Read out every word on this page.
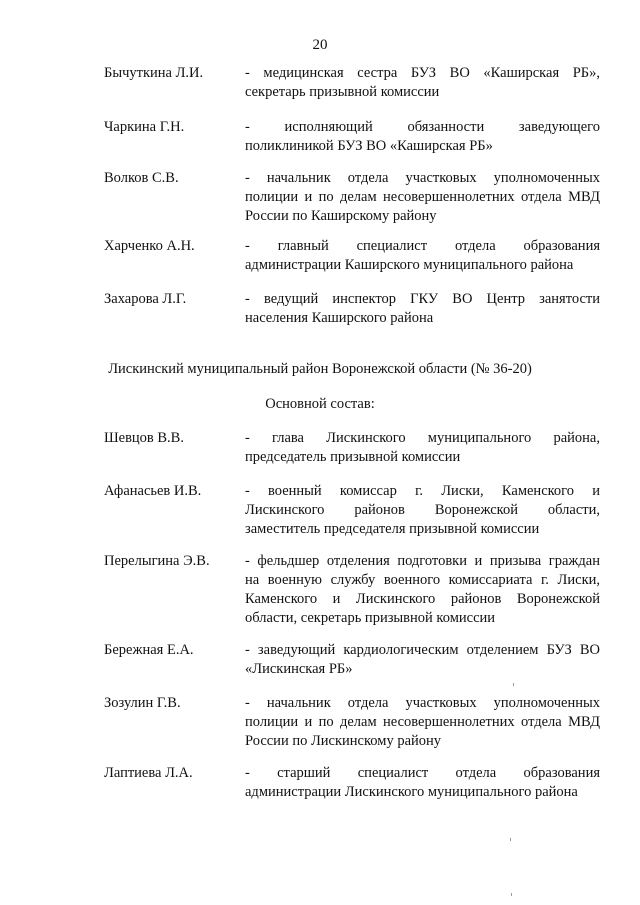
20
Бычуткина Л.И.	- медицинская сестра БУЗ ВО «Каширская РБ»,
секретарь призывной комиссии
Чаркина Г.Н.	- исполняющий обязанности заведующего
поликлиникой БУЗ ВО «Каширская РБ»
Волков С.В.	- начальник отдела участковых уполномоченных
полиции и по делам несовершеннолетних отдела МВД
России по Каширскому району
Харченко А.Н.	- главный специалист отдела образования
администрации Каширского муниципального района
Захарова Л.Г.	- ведущий инспектор ГКУ ВО Центр занятости
населения Каширского района
Лискинский муниципальный район Воронежской области (№ 36-20)
Основной состав:
Шевцов В.В.	- глава Лискинского муниципального района,
председатель призывной комиссии
Афанасьев И.В.	- военный комиссар г. Лиски, Каменского и
Лискинского районов Воронежской области,
заместитель председателя призывной комиссии
Перелыгина Э.В.	- фельдшер отделения подготовки и призыва граждан
на военную службу военного комиссариата г. Лиски,
Каменского и Лискинского районов Воронежской
области, секретарь призывной комиссии
Бережная Е.А.	- заведующий кардиологическим отделением БУЗ ВО
«Лискинская РБ»
Зозулин Г.В.	- начальник отдела участковых уполномоченных
полиции и по делам несовершеннолетних отдела МВД
России по Лискинскому району
Лаптиева Л.А.	- старший специалист отдела образования
администрации Лискинского муниципального района
